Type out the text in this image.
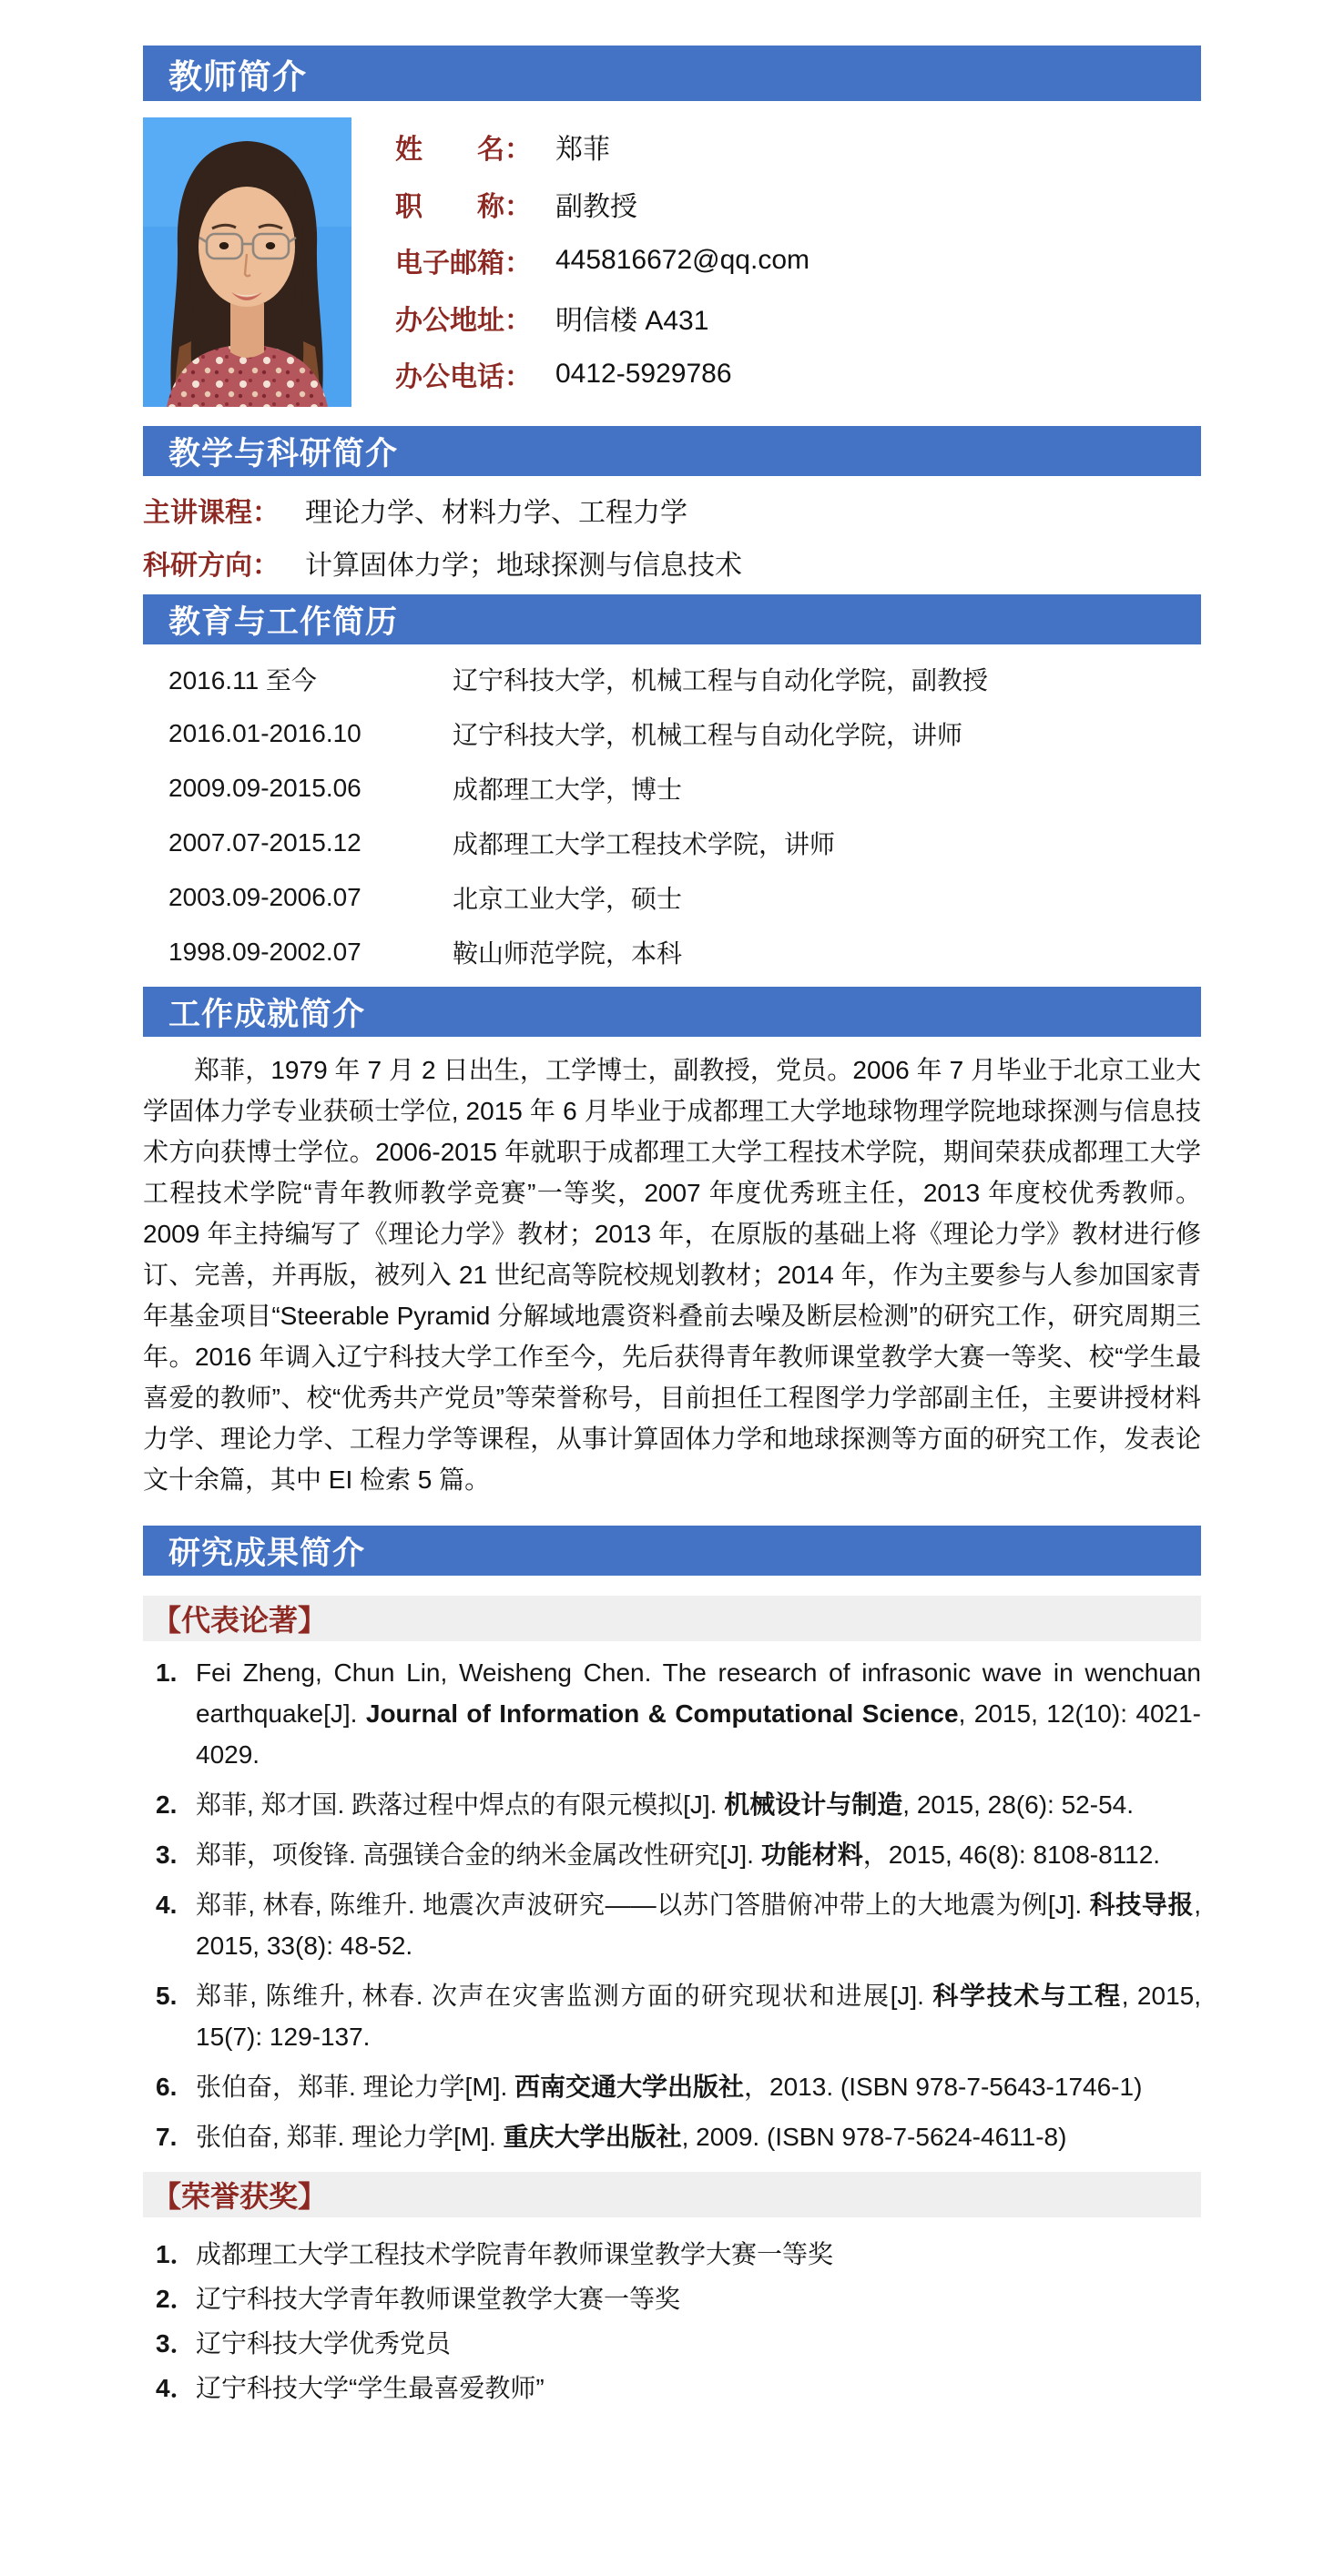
教师简介
姓　　名： 郑菲
职　　称： 副教授
电子邮箱： 445816672@qq.com
办公地址： 明信楼 A431
办公电话： 0412-5929786
教学与科研简介
主讲课程： 理论力学、材料力学、工程力学
科研方向： 计算固体力学；地球探测与信息技术
教育与工作简历
2016.11 至今	辽宁科技大学，机械工程与自动化学院，副教授
2016.01-2016.10	辽宁科技大学，机械工程与自动化学院，讲师
2009.09-2015.06	成都理工大学，博士
2007.07-2015.12	成都理工大学工程技术学院，讲师
2003.09-2006.07	北京工业大学，硕士
1998.09-2002.07	鞍山师范学院，本科
工作成就简介

郑菲，1979 年 7 月 2 日出生，工学博士，副教授，党员。2006 年 7 月毕业于北京工业大学固体力学专业获硕士学位, 2015 年 6 月毕业于成都理工大学地球物理学院地球探测与信息技术方向获博士学位。2006-2015 年就职于成都理工大学工程技术学院，期间荣获成都理工大学工程技术学院“青年教师教学竞赛”一等奖，2007 年度优秀班主任，2013 年度校优秀教师。2009 年主持编写了《理论力学》教材；2013 年，在原版的基础上将《理论力学》教材进行修订、完善，并再版，被列入 21 世纪高等院校规划教材；2014 年，作为主要参与人参加国家青年基金项目“Steerable Pyramid 分解域地震资料叠前去噪及断层检测”的研究工作，研究周期三年。2016 年调入辽宁科技大学工作至今，先后获得青年教师课堂教学大赛一等奖、校“学生最喜爱的教师”、校“优秀共产党员”等荣誉称号，目前担任工程图学力学部副主任，主要讲授材料力学、理论力学、工程力学等课程，从事计算固体力学和地球探测等方面的研究工作，发表论文十余篇，其中 EI 检索 5 篇。

研究成果简介
【代表论著】
1. Fei Zheng, Chun Lin, Weisheng Chen. The research of infrasonic wave in wenchuan earthquake[J]. Journal of Information & Computational Science, 2015, 12(10): 4021-4029.
2. 郑菲, 郑才国. 跌落过程中焊点的有限元模拟[J]. 机械设计与制造, 2015, 28(6): 52-54.
3. 郑菲，项俊锋. 高强镁合金的纳米金属改性研究[J]. 功能材料，2015, 46(8): 8108-8112.
4. 郑菲, 林春, 陈维升. 地震次声波研究——以苏门答腊俯冲带上的大地震为例[J]. 科技导报, 2015, 33(8): 48-52.
5. 郑菲, 陈维升, 林春. 次声在灾害监测方面的研究现状和进展[J]. 科学技术与工程, 2015, 15(7): 129-137.
6. 张伯奋，郑菲. 理论力学[M]. 西南交通大学出版社，2013. (ISBN 978-7-5643-1746-1)
7. 张伯奋, 郑菲. 理论力学[M]. 重庆大学出版社, 2009. (ISBN 978-7-5624-4611-8)
【荣誉获奖】
1． 成都理工大学工程技术学院青年教师课堂教学大赛一等奖
2． 辽宁科技大学青年教师课堂教学大赛一等奖
3． 辽宁科技大学优秀党员
4． 辽宁科技大学“学生最喜爱教师”
